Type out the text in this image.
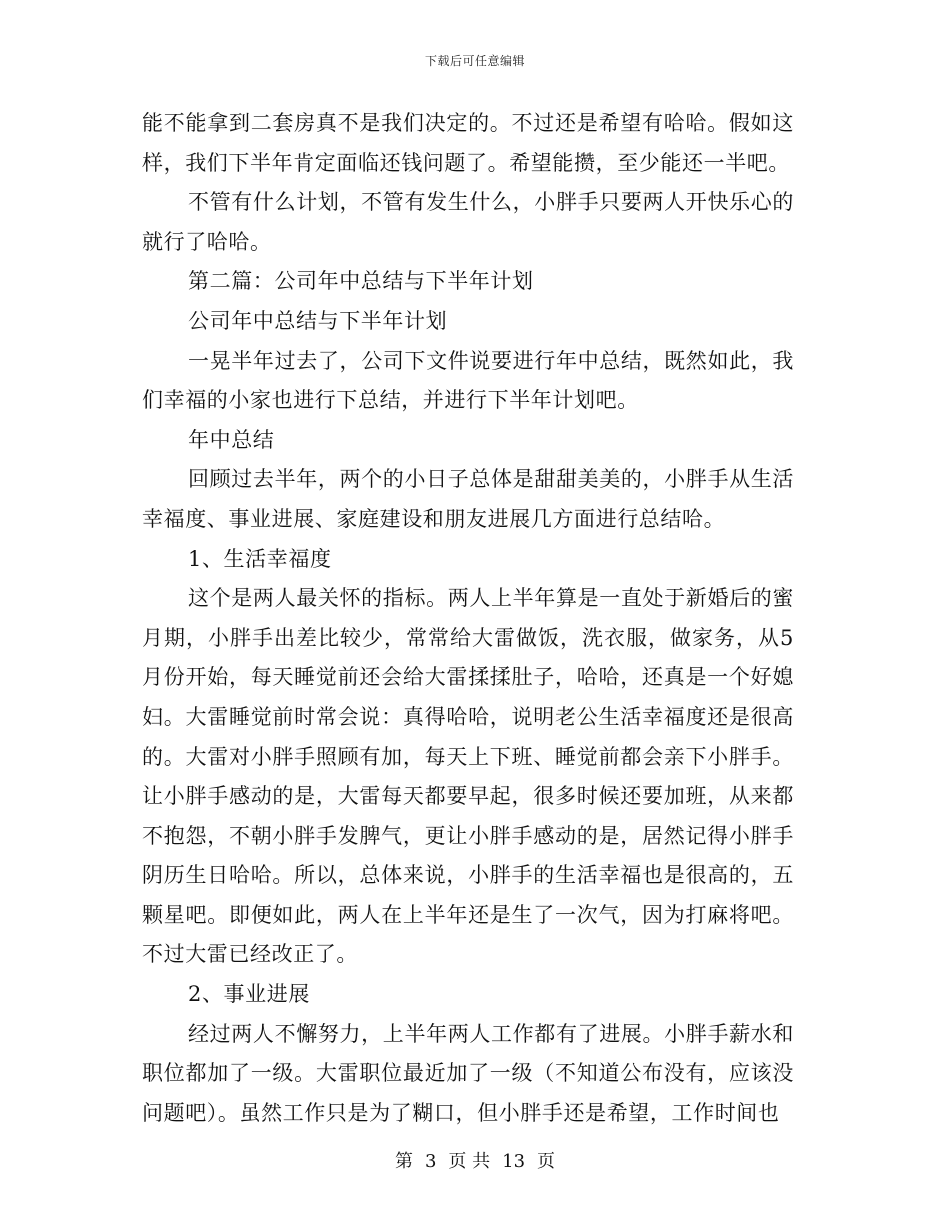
下载后可任意编辑

能不能拿到二套房真不是我们决定的。不过还是希望有哈哈。假如这样，我们下半年肯定面临还钱问题了。希望能攒，至少能还一半吧。

不管有什么计划，不管有发生什么，小胖手只要两人开快乐心的就行了哈哈。

第二篇：公司年中总结与下半年计划

公司年中总结与下半年计划

一晃半年过去了，公司下文件说要进行年中总结，既然如此，我们幸福的小家也进行下总结，并进行下半年计划吧。

年中总结

回顾过去半年，两个的小日子总体是甜甜美美的，小胖手从生活幸福度、事业进展、家庭建设和朋友进展几方面进行总结哈。

1、生活幸福度

这个是两人最关怀的指标。两人上半年算是一直处于新婚后的蜜月期，小胖手出差比较少，常常给大雷做饭，洗衣服，做家务，从5月份开始，每天睡觉前还会给大雷揉揉肚子，哈哈，还真是一个好媳妇。大雷睡觉前时常会说：真得哈哈，说明老公生活幸福度还是很高的。大雷对小胖手照顾有加，每天上下班、睡觉前都会亲下小胖手。让小胖手感动的是，大雷每天都要早起，很多时候还要加班，从来都不抱怨，不朝小胖手发脾气，更让小胖手感动的是，居然记得小胖手阴历生日哈哈。所以，总体来说，小胖手的生活幸福也是很高的，五颗星吧。即便如此，两人在上半年还是生了一次气，因为打麻将吧。不过大雷已经改正了。

2、事业进展

经过两人不懈努力，上半年两人工作都有了进展。小胖手薪水和职位都加了一级。大雷职位最近加了一级（不知道公布没有，应该没问题吧）。虽然工作只是为了糊口，但小胖手还是希望，工作时间也

第 3 页 共 13 页
